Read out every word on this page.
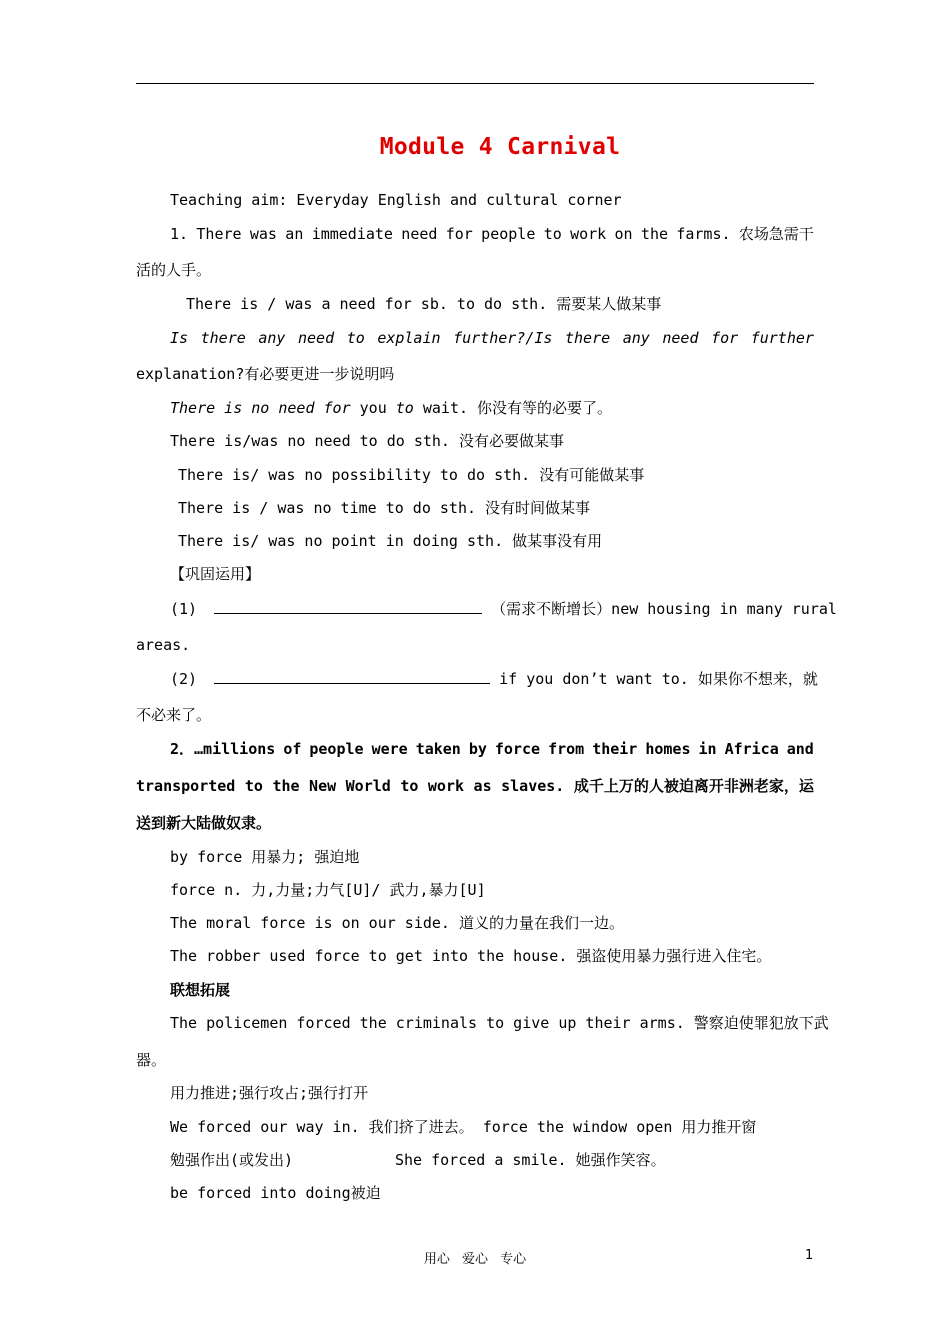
Module 4 Carnival
Teaching aim: Everyday English and cultural corner
1. There was an immediate need for people to work on the farms. 农场急需干
活的人手。
There is / was a need for sb. to do sth. 需要某人做某事
Is there any need to explain further?/Is there any need for further
explanation?有必要更进一步说明吗
There is no need for you to wait. 你没有等的必要了。
There is/was no need to do sth. 没有必要做某事
There is/ was no possibility to do sth. 没有可能做某事
There is / was no time to do sth. 没有时间做某事
There is/ was no point in doing sth. 做某事没有用
【巩固运用】
(1)	（需求不断增长）new housing in many rural
areas.
(2)	if you don’t want to. 如果你不想来，就
不必来了。
2．…millions of people were taken by force from their homes in Africa and
transported to the New World to work as slaves. 成千上万的人被迫离开非洲老家，运
送到新大陆做奴隶。
by force 用暴力; 强迫地
force n. 力,力量;力气[U]/ 武力,暴力[U]
The moral force is on our side. 道义的力量在我们一边。
The robber used force to get into the house. 强盗使用暴力强行进入住宅。
联想拓展
The policemen forced the criminals to give up their arms. 警察迫使罪犯放下武
器。
用力推进;强行攻占;强行打开
We forced our way in. 我们挤了进去。 force the window open 用力推开窗
勉强作出(或发出)	She forced a smile. 她强作笑容。
be forced into doing被迫
用心 爱心 专心	1
